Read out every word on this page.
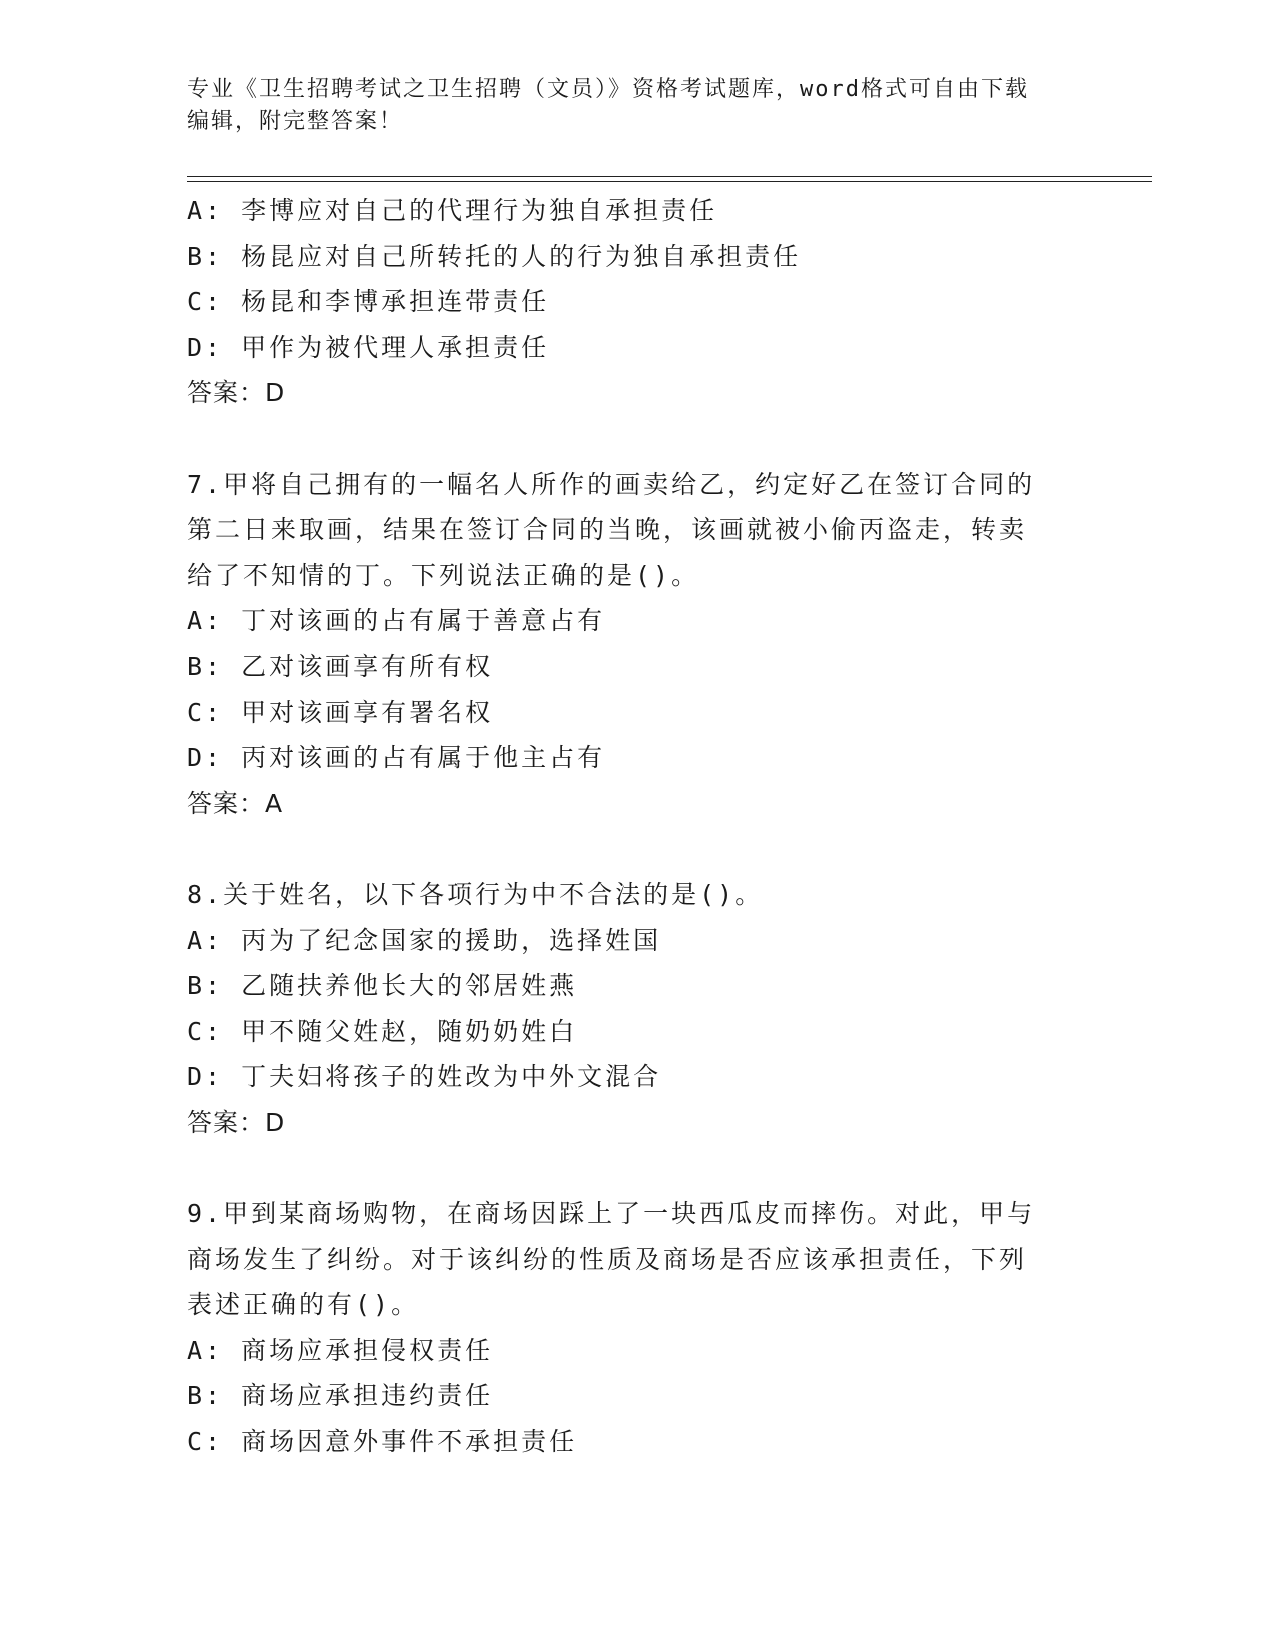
专业《卫生招聘考试之卫生招聘（文员）》资格考试题库，word格式可自由下载
编辑，附完整答案！
A: 李博应对自己的代理行为独自承担责任
B: 杨昆应对自己所转托的人的行为独自承担责任
C: 杨昆和李博承担连带责任
D: 甲作为被代理人承担责任
答案：D
7.甲将自己拥有的一幅名人所作的画卖给乙，约定好乙在签订合同的
第二日来取画，结果在签订合同的当晚，该画就被小偷丙盗走，转卖
给了不知情的丁。下列说法正确的是()。
A: 丁对该画的占有属于善意占有
B: 乙对该画享有所有权
C: 甲对该画享有署名权
D: 丙对该画的占有属于他主占有
答案：A
8.关于姓名，以下各项行为中不合法的是()。
A: 丙为了纪念国家的援助，选择姓国
B: 乙随扶养他长大的邻居姓燕
C: 甲不随父姓赵，随奶奶姓白
D: 丁夫妇将孩子的姓改为中外文混合
答案：D
9.甲到某商场购物，在商场因踩上了一块西瓜皮而摔伤。对此，甲与
商场发生了纠纷。对于该纠纷的性质及商场是否应该承担责任，下列
表述正确的有()。
A: 商场应承担侵权责任
B: 商场应承担违约责任
C: 商场因意外事件不承担责任
